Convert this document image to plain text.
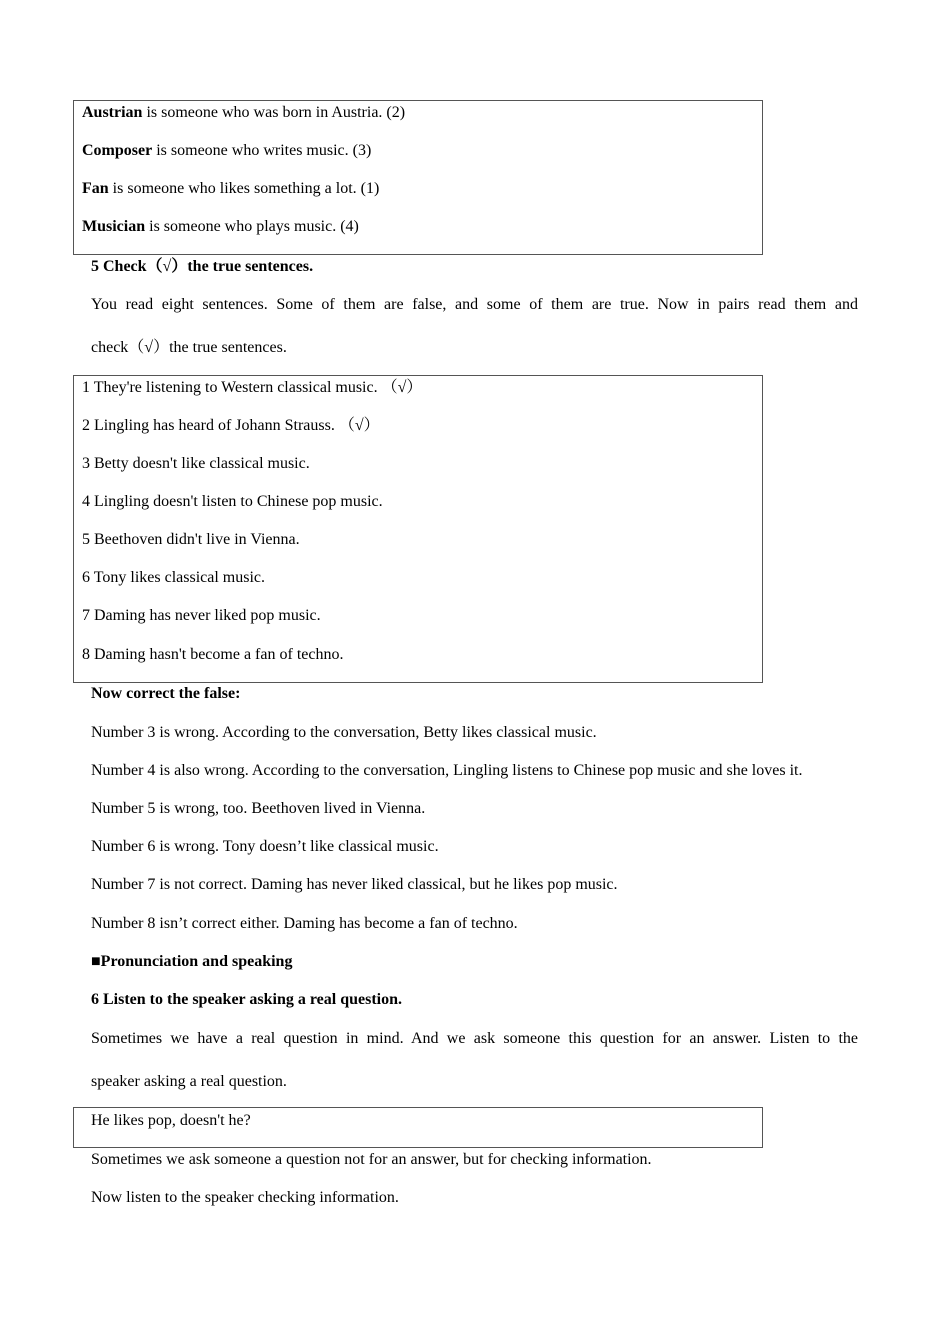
Austrian is someone who was born in Austria. (2)
Composer is someone who writes music. (3)
Fan is someone who likes something a lot. (1)
Musician is someone who plays music. (4)
5 Check（√）the true sentences.
You read eight sentences. Some of them are false, and some of them are true. Now in pairs read them and
check（√）the true sentences.
1 They're listening to Western classical music. （√）
2 Lingling has heard of Johann Strauss. （√）
3 Betty doesn't like classical music.
4 Lingling doesn't listen to Chinese pop music.
5 Beethoven didn't live in Vienna.
6 Tony likes classical music.
7 Daming has never liked pop music.
8 Daming hasn't become a fan of techno.
Now correct the false:
Number 3 is wrong. According to the conversation, Betty likes classical music.
Number 4 is also wrong. According to the conversation, Lingling listens to Chinese pop music and she loves it.
Number 5 is wrong, too. Beethoven lived in Vienna.
Number 6 is wrong. Tony doesn’t like classical music.
Number 7 is not correct. Daming has never liked classical, but he likes pop music.
Number 8 isn’t correct either. Daming has become a fan of techno.
■Pronunciation and speaking
6 Listen to the speaker asking a real question.
Sometimes we have a real question in mind. And we ask someone this question for an answer. Listen to the
speaker asking a real question.
He likes pop, doesn't he?
Sometimes we ask someone a question not for an answer, but for checking information.
Now listen to the speaker checking information.
